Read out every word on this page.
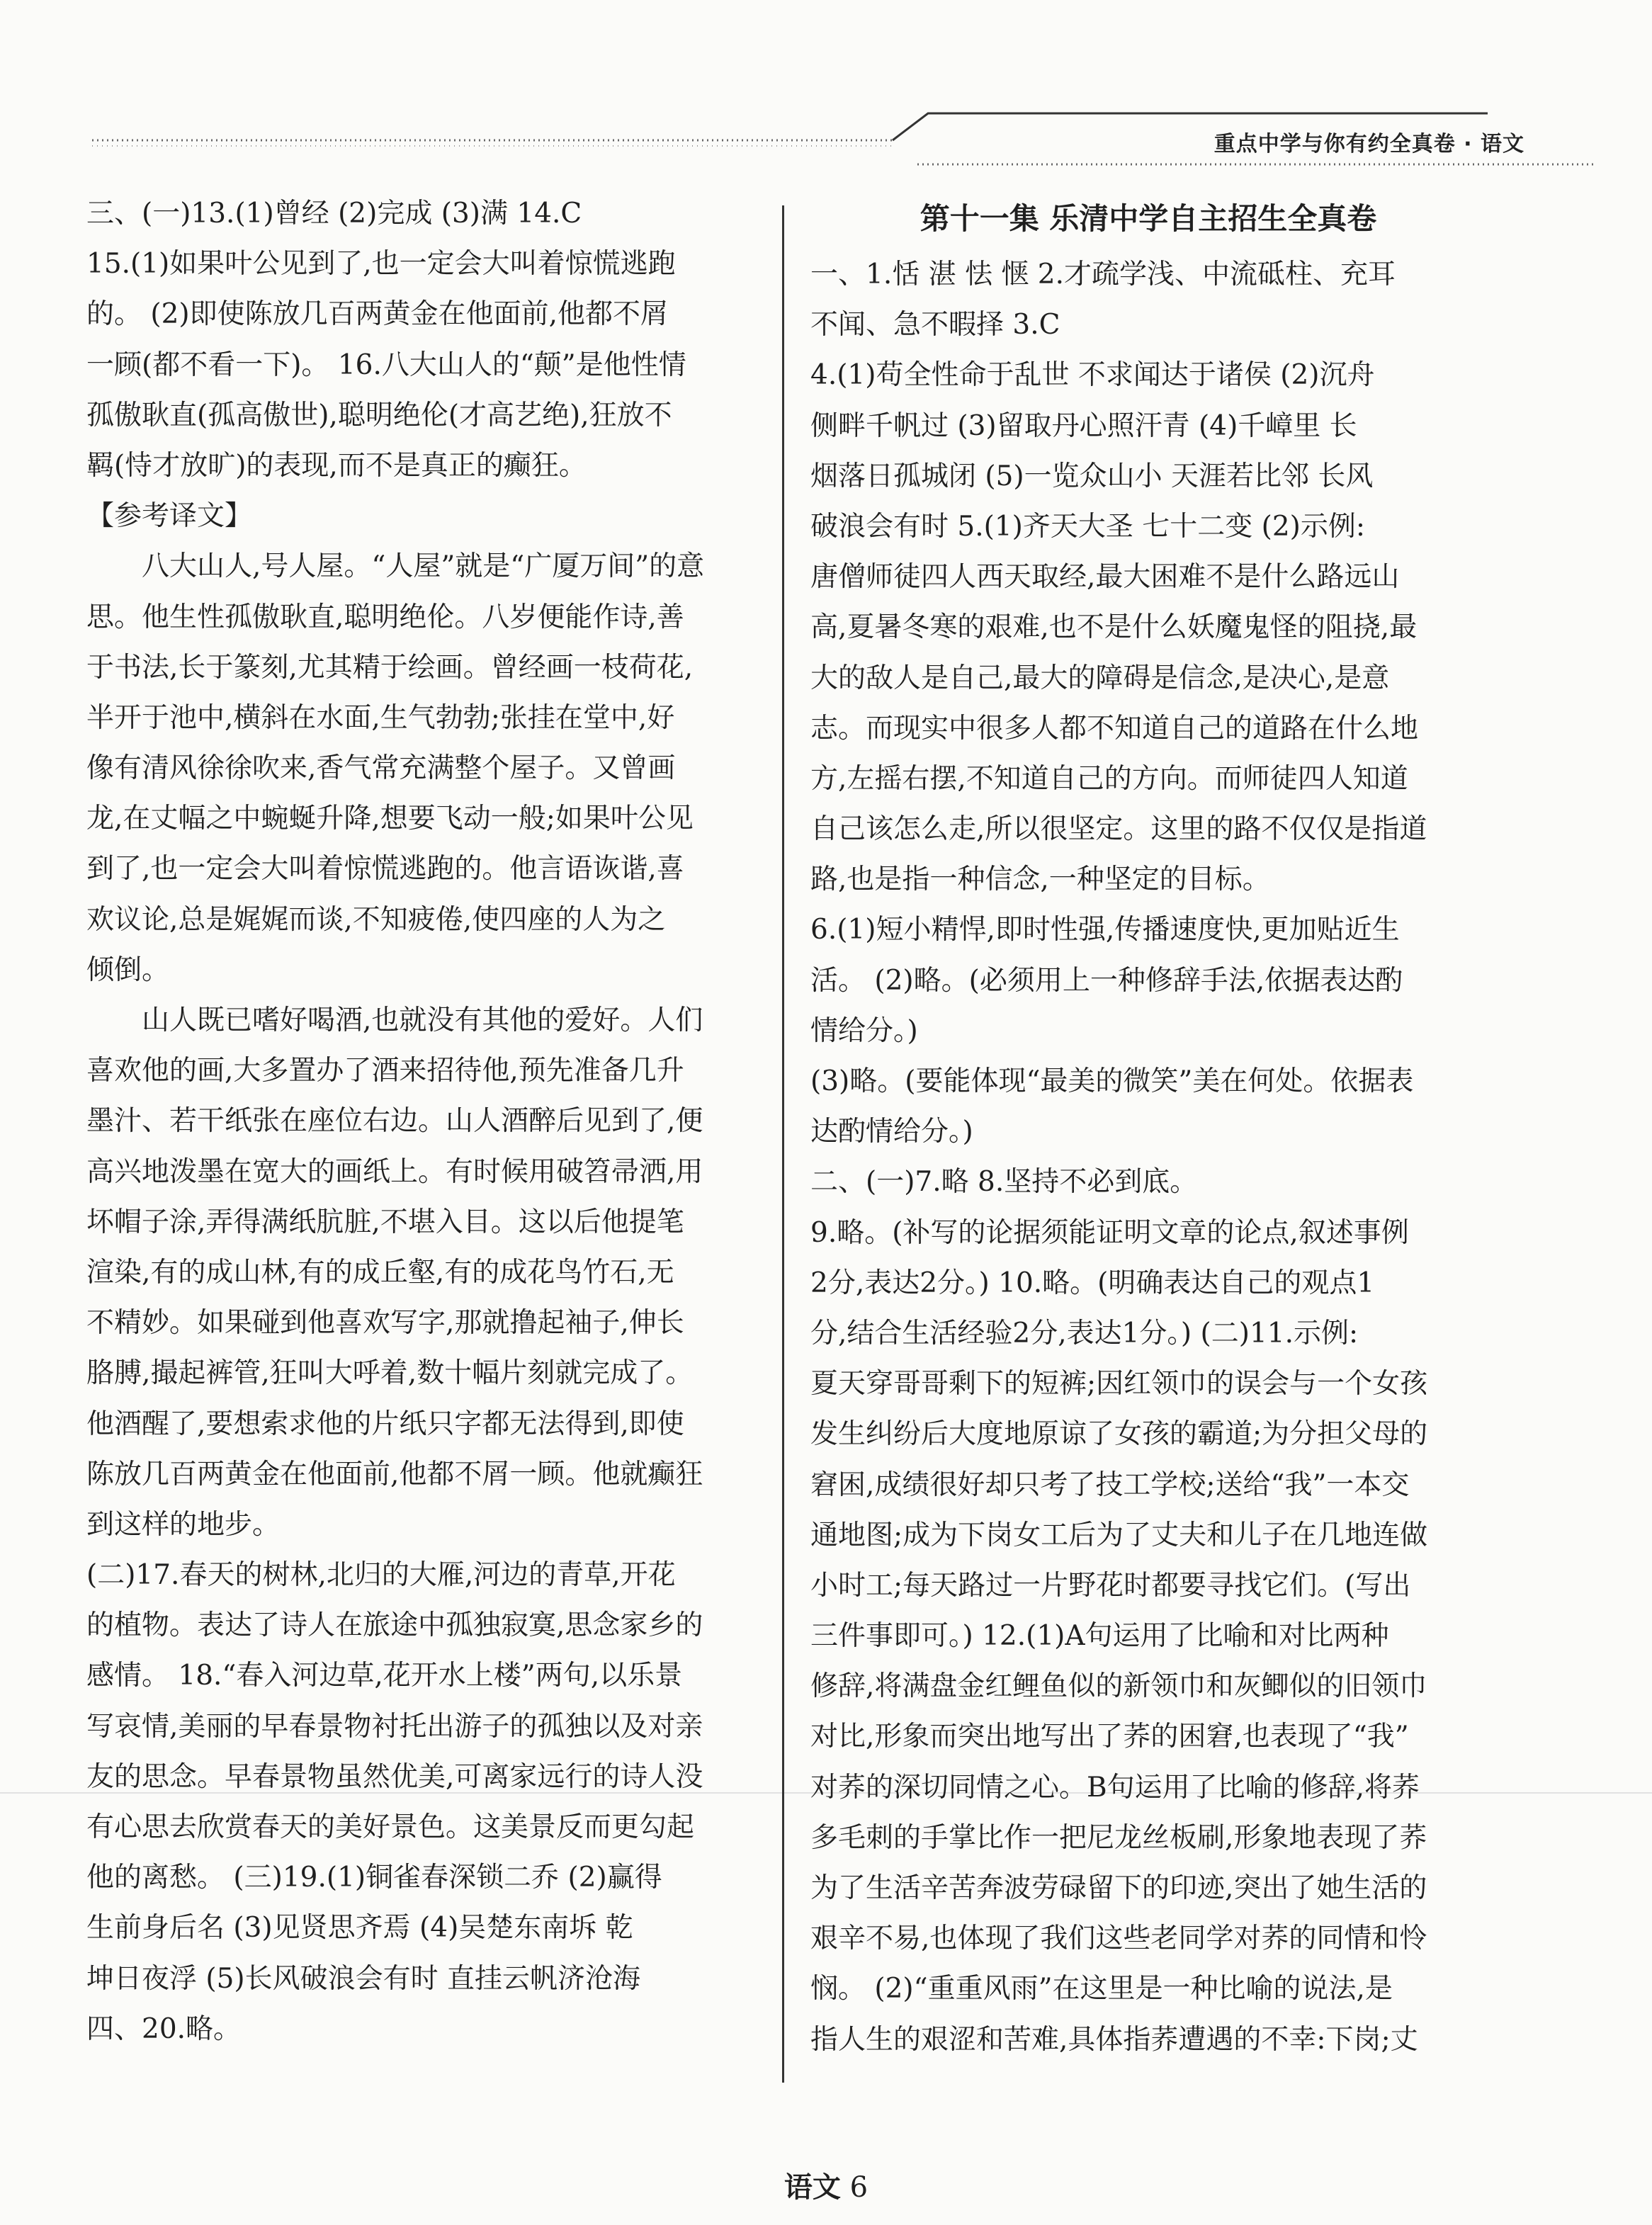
重点中学与你有约全真卷 · 语文
三、(一)13.(1)曾经 (2)完成 (3)满 14.C
15.(1)如果叶公见到了,也一定会大叫着惊慌逃跑
的。 (2)即使陈放几百两黄金在他面前,他都不屑
一顾(都不看一下)。 16.八大山人的“颠”是他性情
孤傲耿直(孤高傲世),聪明绝伦(才高艺绝),狂放不
羁(恃才放旷)的表现,而不是真正的癫狂。
【参考译文】
八大山人,号人屋。“人屋”就是“广厦万间”的意
思。他生性孤傲耿直,聪明绝伦。八岁便能作诗,善
于书法,长于篆刻,尤其精于绘画。曾经画一枝荷花,
半开于池中,横斜在水面,生气勃勃;张挂在堂中,好
像有清风徐徐吹来,香气常充满整个屋子。又曾画
龙,在丈幅之中蜿蜒升降,想要飞动一般;如果叶公见
到了,也一定会大叫着惊慌逃跑的。他言语诙谐,喜
欢议论,总是娓娓而谈,不知疲倦,使四座的人为之
倾倒。
山人既已嗜好喝酒,也就没有其他的爱好。人们
喜欢他的画,大多置办了酒来招待他,预先准备几升
墨汁、若干纸张在座位右边。山人酒醉后见到了,便
高兴地泼墨在宽大的画纸上。有时候用破笤帚洒,用
坏帽子涂,弄得满纸肮脏,不堪入目。这以后他提笔
渲染,有的成山林,有的成丘壑,有的成花鸟竹石,无
不精妙。如果碰到他喜欢写字,那就撸起袖子,伸长
胳膊,撮起裤管,狂叫大呼着,数十幅片刻就完成了。
他酒醒了,要想索求他的片纸只字都无法得到,即使
陈放几百两黄金在他面前,他都不屑一顾。他就癫狂
到这样的地步。
(二)17.春天的树林,北归的大雁,河边的青草,开花
的植物。表达了诗人在旅途中孤独寂寞,思念家乡的
感情。 18.“春入河边草,花开水上楼”两句,以乐景
写哀情,美丽的早春景物衬托出游子的孤独以及对亲
友的思念。早春景物虽然优美,可离家远行的诗人没
有心思去欣赏春天的美好景色。这美景反而更勾起
他的离愁。 (三)19.(1)铜雀春深锁二乔 (2)赢得
生前身后名 (3)见贤思齐焉 (4)吴楚东南坼 乾
坤日夜浮 (5)长风破浪会有时 直挂云帆济沧海
四、20.略。
第十一集 乐清中学自主招生全真卷
一、1.恬 湛 怯 惬 2.才疏学浅、中流砥柱、充耳
不闻、急不暇择 3.C
4.(1)苟全性命于乱世 不求闻达于诸侯 (2)沉舟
侧畔千帆过 (3)留取丹心照汗青 (4)千嶂里 长
烟落日孤城闭 (5)一览众山小 天涯若比邻 长风
破浪会有时 5.(1)齐天大圣 七十二变 (2)示例:
唐僧师徒四人西天取经,最大困难不是什么路远山
高,夏暑冬寒的艰难,也不是什么妖魔鬼怪的阻挠,最
大的敌人是自己,最大的障碍是信念,是决心,是意
志。而现实中很多人都不知道自己的道路在什么地
方,左摇右摆,不知道自己的方向。而师徒四人知道
自己该怎么走,所以很坚定。这里的路不仅仅是指道
路,也是指一种信念,一种坚定的目标。
6.(1)短小精悍,即时性强,传播速度快,更加贴近生
活。 (2)略。(必须用上一种修辞手法,依据表达酌
情给分。)
(3)略。(要能体现“最美的微笑”美在何处。依据表
达酌情给分。)
二、(一)7.略 8.坚持不必到底。
9.略。(补写的论据须能证明文章的论点,叙述事例
2分,表达2分。) 10.略。(明确表达自己的观点1
分,结合生活经验2分,表达1分。) (二)11.示例:
夏天穿哥哥剩下的短裤;因红领巾的误会与一个女孩
发生纠纷后大度地原谅了女孩的霸道;为分担父母的
窘困,成绩很好却只考了技工学校;送给“我”一本交
通地图;成为下岗女工后为了丈夫和儿子在几地连做
小时工;每天路过一片野花时都要寻找它们。(写出
三件事即可。) 12.(1)A句运用了比喻和对比两种
修辞,将满盘金红鲤鱼似的新领巾和灰鲫似的旧领巾
对比,形象而突出地写出了荞的困窘,也表现了“我”
对荞的深切同情之心。B句运用了比喻的修辞,将荞
多毛刺的手掌比作一把尼龙丝板刷,形象地表现了荞
为了生活辛苦奔波劳碌留下的印迹,突出了她生活的
艰辛不易,也体现了我们这些老同学对荞的同情和怜
悯。 (2)“重重风雨”在这里是一种比喻的说法,是
指人生的艰涩和苦难,具体指荞遭遇的不幸:下岗;丈
语文 6
